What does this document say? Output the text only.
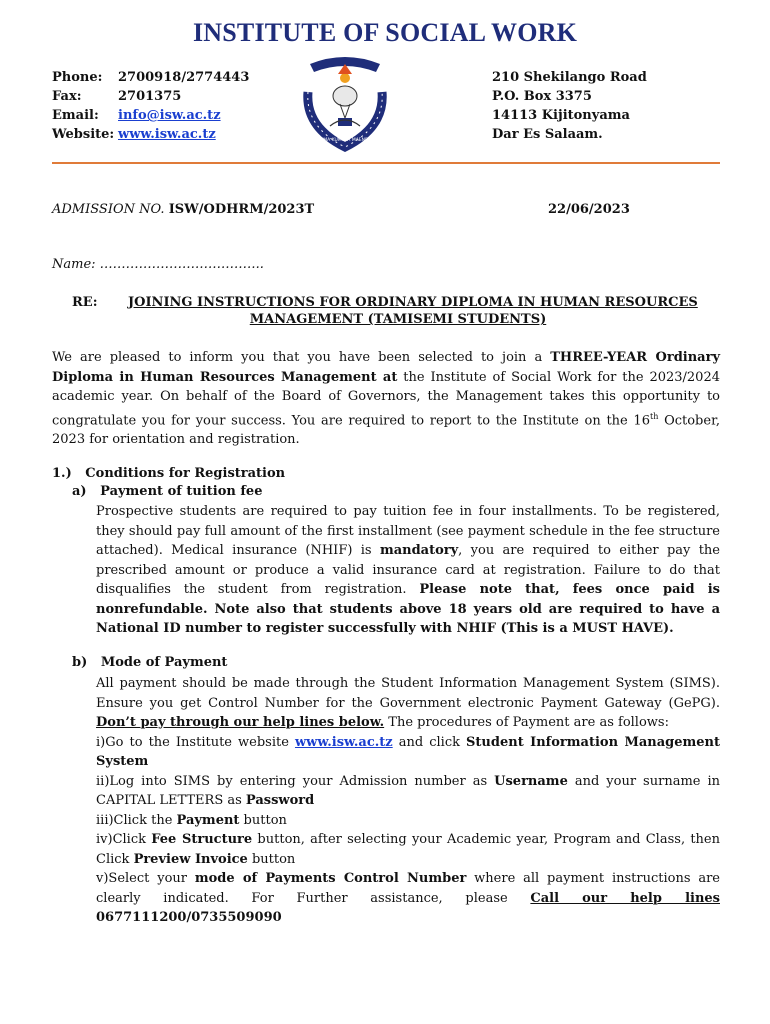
INSTITUTE OF SOCIAL WORK
Phone:	2700918/2774443
Fax:	2701375
Email:	info@isw.ac.tz
Website: www.isw.ac.tz	HUDUMA KUMUTA MAENDELEO
210 Shekilango Road
P.O. Box 3375
14113 Kijitonyama
Dar Es Salaam.
ADMISSION NO. ISW/ODHRM/2023T	22/06/2023
Name: ………………………………..
RE:	JOINING INSTRUCTIONS FOR ORDINARY DIPLOMA IN HUMAN RESOURCES
MANAGEMENT (TAMISEMI STUDENTS)
We are pleased to inform you that you have been selected to join a THREE-YEAR Ordinary Diploma in Human Resources Management at the Institute of Social Work for the 2023/2024 academic year. On behalf of the Board of Governors, the Management takes this opportunity to congratulate you for your success. You are required to report to the Institute on the 16th October, 2023 for orientation and registration.
1.)   Conditions for Registration
a)   Payment of tuition fee
Prospective students are required to pay tuition fee in four installments. To be registered, they should pay full amount of the first installment (see payment schedule in the fee structure attached). Medical insurance (NHIF) is mandatory, you are required to either pay the prescribed amount or produce a valid insurance card at registration. Failure to do that disqualifies the student from registration. Please note that, fees once paid is nonrefundable. Note also that students above 18 years old are required to have a National ID number to register successfully with NHIF (This is a MUST HAVE).
b)   Mode of Payment

All payment should be made through the Student Information Management System (SIMS). Ensure you get Control Number for the Government electronic Payment Gateway (GePG). Don’t pay through our help lines below. The procedures of Payment are as follows:

i)Go to the Institute website www.isw.ac.tz and click Student Information Management System

ii)Log into SIMS by entering your Admission number as Username and your surname in CAPITAL LETTERS as Password

iii)Click the Payment button

iv)Click Fee Structure button, after selecting your Academic year, Program and Class, then Click Preview Invoice button

v)Select your mode of Payments Control Number where all payment instructions are clearly indicated. For Further assistance, please Call our help lines 0677111200/0735509090
